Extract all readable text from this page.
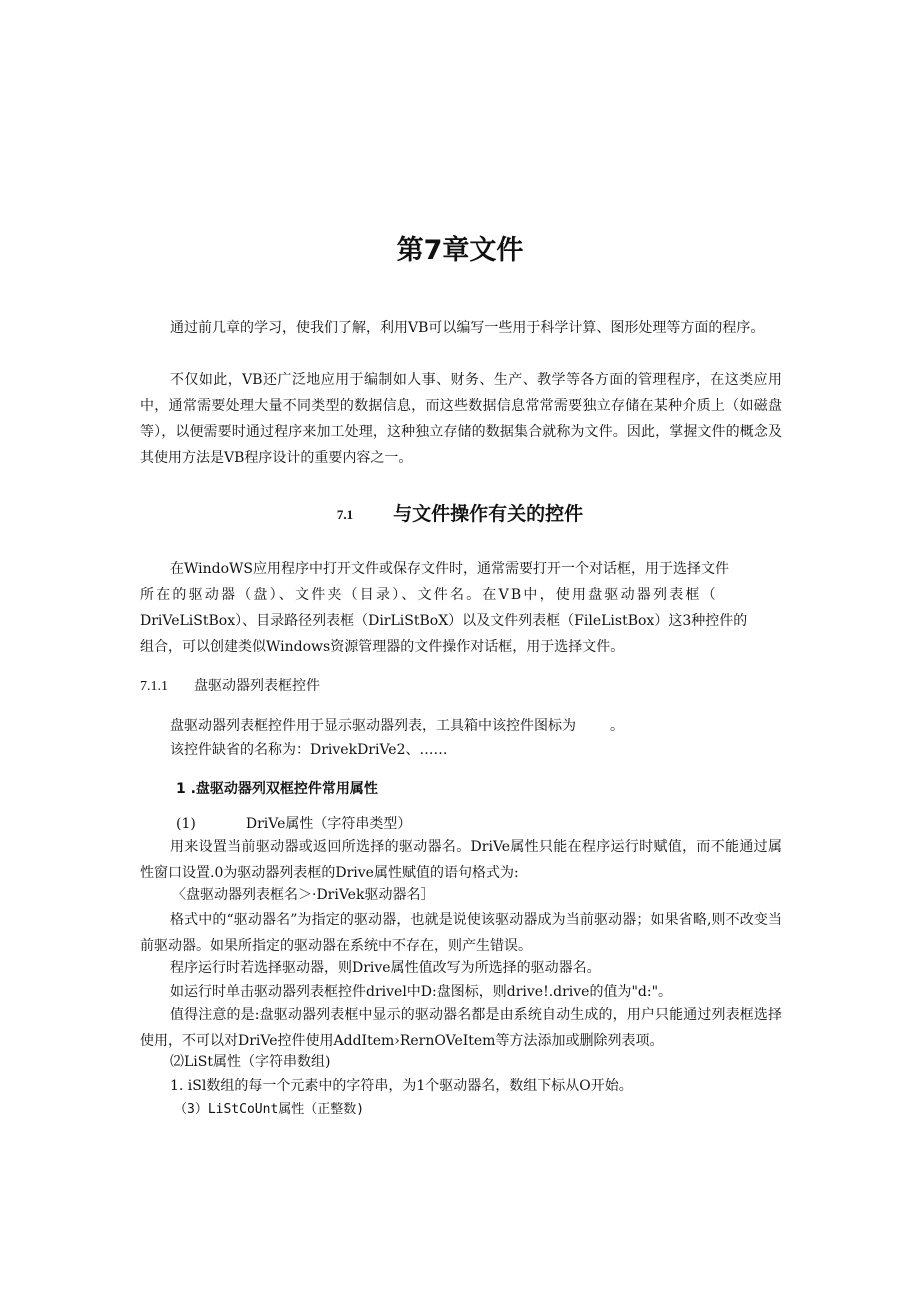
第7章文件

通过前几章的学习，使我们了解，利用VB可以编写一些用于科学计算、图形处理等方面的程序。

不仅如此，VB还广泛地应用于编制如人事、财务、生产、教学等各方面的管理程序，在这类应用中，通常需要处理大量不同类型的数据信息，而这些数据信息常常需要独立存储在某种介质上（如磁盘等），以便需要时通过程序来加工处理，这种独立存储的数据集合就称为文件。因此，掌握文件的概念及其使用方法是VB程序设计的重要内容之一。

7.1 与文件操作有关的控件

在WindoWS应用程序中打开文件或保存文件时，通常需要打开一个对话框，用于选择文件

所在的驱动器（盘）、文件夹（目录）、文件名。在VB中，使用盘驱动器列表框（

DriVeLiStBox）、目录路径列表框（DirLiStBoX）以及文件列表框（FileListBox）这3种控件的

组合，可以创建类似Windows资源管理器的文件操作对话框，用于选择文件。

7.1.1 盘驱动器列表框控件

盘驱动器列表框控件用于显示驱动器列表，工具箱中该控件图标为 。

该控件缺省的名称为：DrivekDriVe2、……

1 .盘驱动器列双框控件常用属性

(1)	DriVe属性（字符串类型）

用来设置当前驱动器或返回所选择的驱动器名。DriVe属性只能在程序运行时赋值，而不能通过属性窗口设置.0为驱动器列表框的Drive属性赋值的语句格式为:

〈盘驱动器列表框名＞·DriVek驱动器名］

格式中的“驱动器名”为指定的驱动器，也就是说使该驱动器成为当前驱动器；如果省略,则不改变当前驱动器。如果所指定的驱动器在系统中不存在，则产生错误。

程序运行时若选择驱动器，则Drive属性值改写为所选择的驱动器名。

如运行时单击驱动器列表框控件drivel中D:盘图标，则drive!.drive的值为"d:"。

值得注意的是:盘驱动器列表框中显示的驱动器名都是由系统自动生成的，用户只能通过列表框选择使用，不可以对DriVe控件使用AddItem›RernOVeItem等方法添加或删除列表项。

⑵LiSt属性（字符串数组)

1. iSl数组的每一个元素中的字符串，为1个驱动器名，数组下标从O开始。

（3）LiStCoUnt属性（正整数)
